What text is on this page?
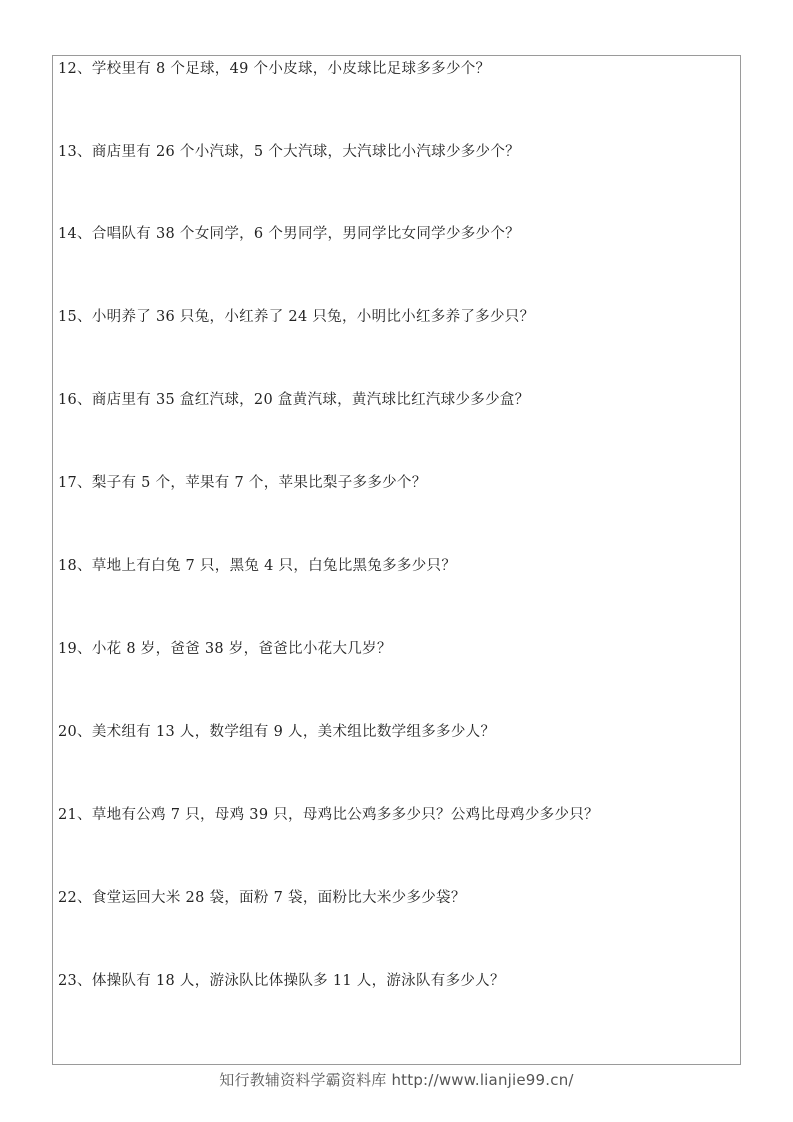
12、学校里有 8 个足球，49 个小皮球，小皮球比足球多多少个？
13、商店里有 26 个小汽球，5 个大汽球，大汽球比小汽球少多少个？
14、合唱队有 38 个女同学，6 个男同学，男同学比女同学少多少个？
15、小明养了 36 只兔，小红养了 24 只兔，小明比小红多养了多少只？
16、商店里有 35 盒红汽球，20 盒黄汽球，黄汽球比红汽球少多少盒？
17、梨子有 5 个，苹果有 7 个，苹果比梨子多多少个？
18、草地上有白兔 7 只，黑兔 4 只，白兔比黑兔多多少只？
19、小花 8 岁，爸爸 38 岁，爸爸比小花大几岁？
20、美术组有 13 人，数学组有 9 人，美术组比数学组多多少人？
21、草地有公鸡 7 只，母鸡 39 只，母鸡比公鸡多多少只？公鸡比母鸡少多少只？
22、食堂运回大米 28 袋，面粉 7 袋，面粉比大米少多少袋？
23、体操队有 18 人，游泳队比体操队多 11 人，游泳队有多少人？
知行教辅资料学霸资料库 http://www.lianjie99.cn/
